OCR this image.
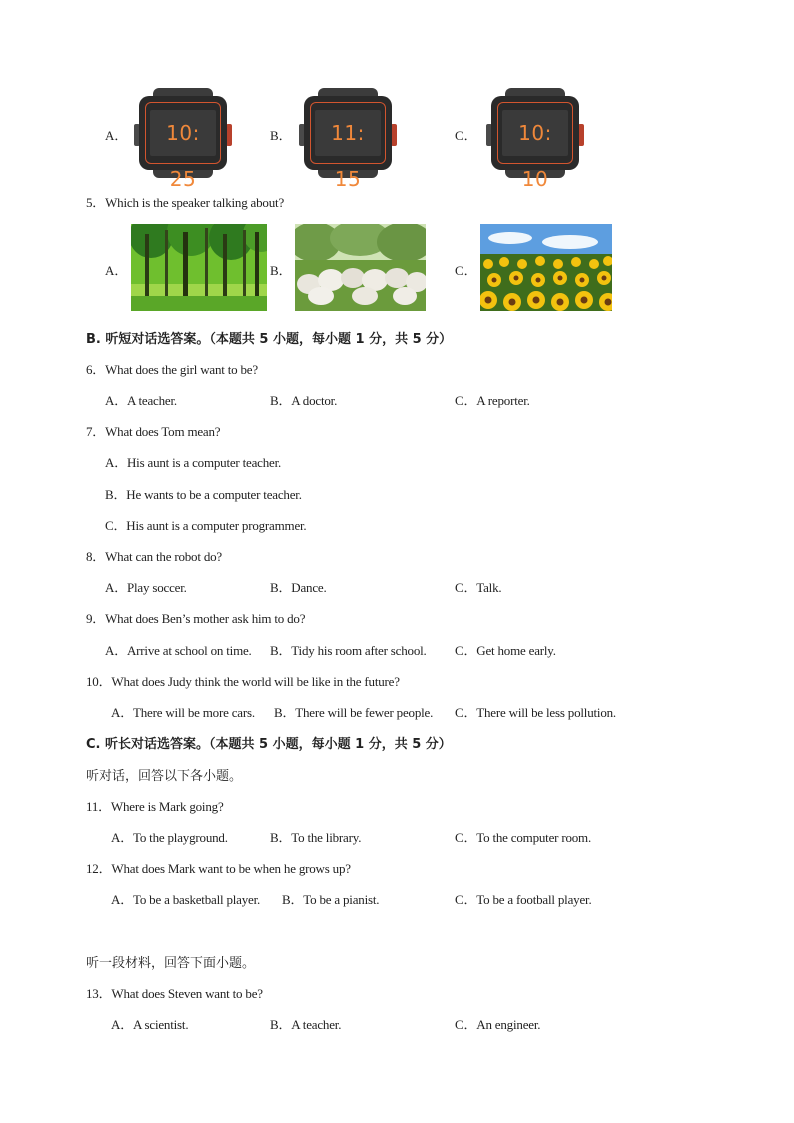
A．	10: 25
B．	11: 15
C．	10: 10
5．Which is the speaker talking about?
A．	B．	C．
B. 听短对话选答案。（本题共 5 小题，每小题 1 分，共 5 分）
6．What does the girl want to be?
A．A teacher.	B．A doctor.	C．A reporter.
7．What does Tom mean?
A．His aunt is a computer teacher.
B．He wants to be a computer teacher.
C．His aunt is a computer programmer.
8．What can the robot do?
A．Play soccer.	B．Dance.	C．Talk.
9．What does Ben’s mother ask him to do?
A．Arrive at school on time. B．Tidy his room after school. C．Get home early.
10．What does Judy think the world will be like in the future?
A．There will be more cars. B．There will be fewer people. C．There will be less pollution.
C. 听长对话选答案。（本题共 5 小题，每小题 1 分，共 5 分）
听对话，回答以下各小题。
11．Where is Mark going?
A．To the playground.	B．To the library.	C．To the computer room.
12．What does Mark want to be when he grows up?
A．To be a basketball player. B．To be a pianist.	C．To be a football player.
听一段材料，回答下面小题。
13．What does Steven want to be?
A．A scientist.	B．A teacher.	C．An engineer.
